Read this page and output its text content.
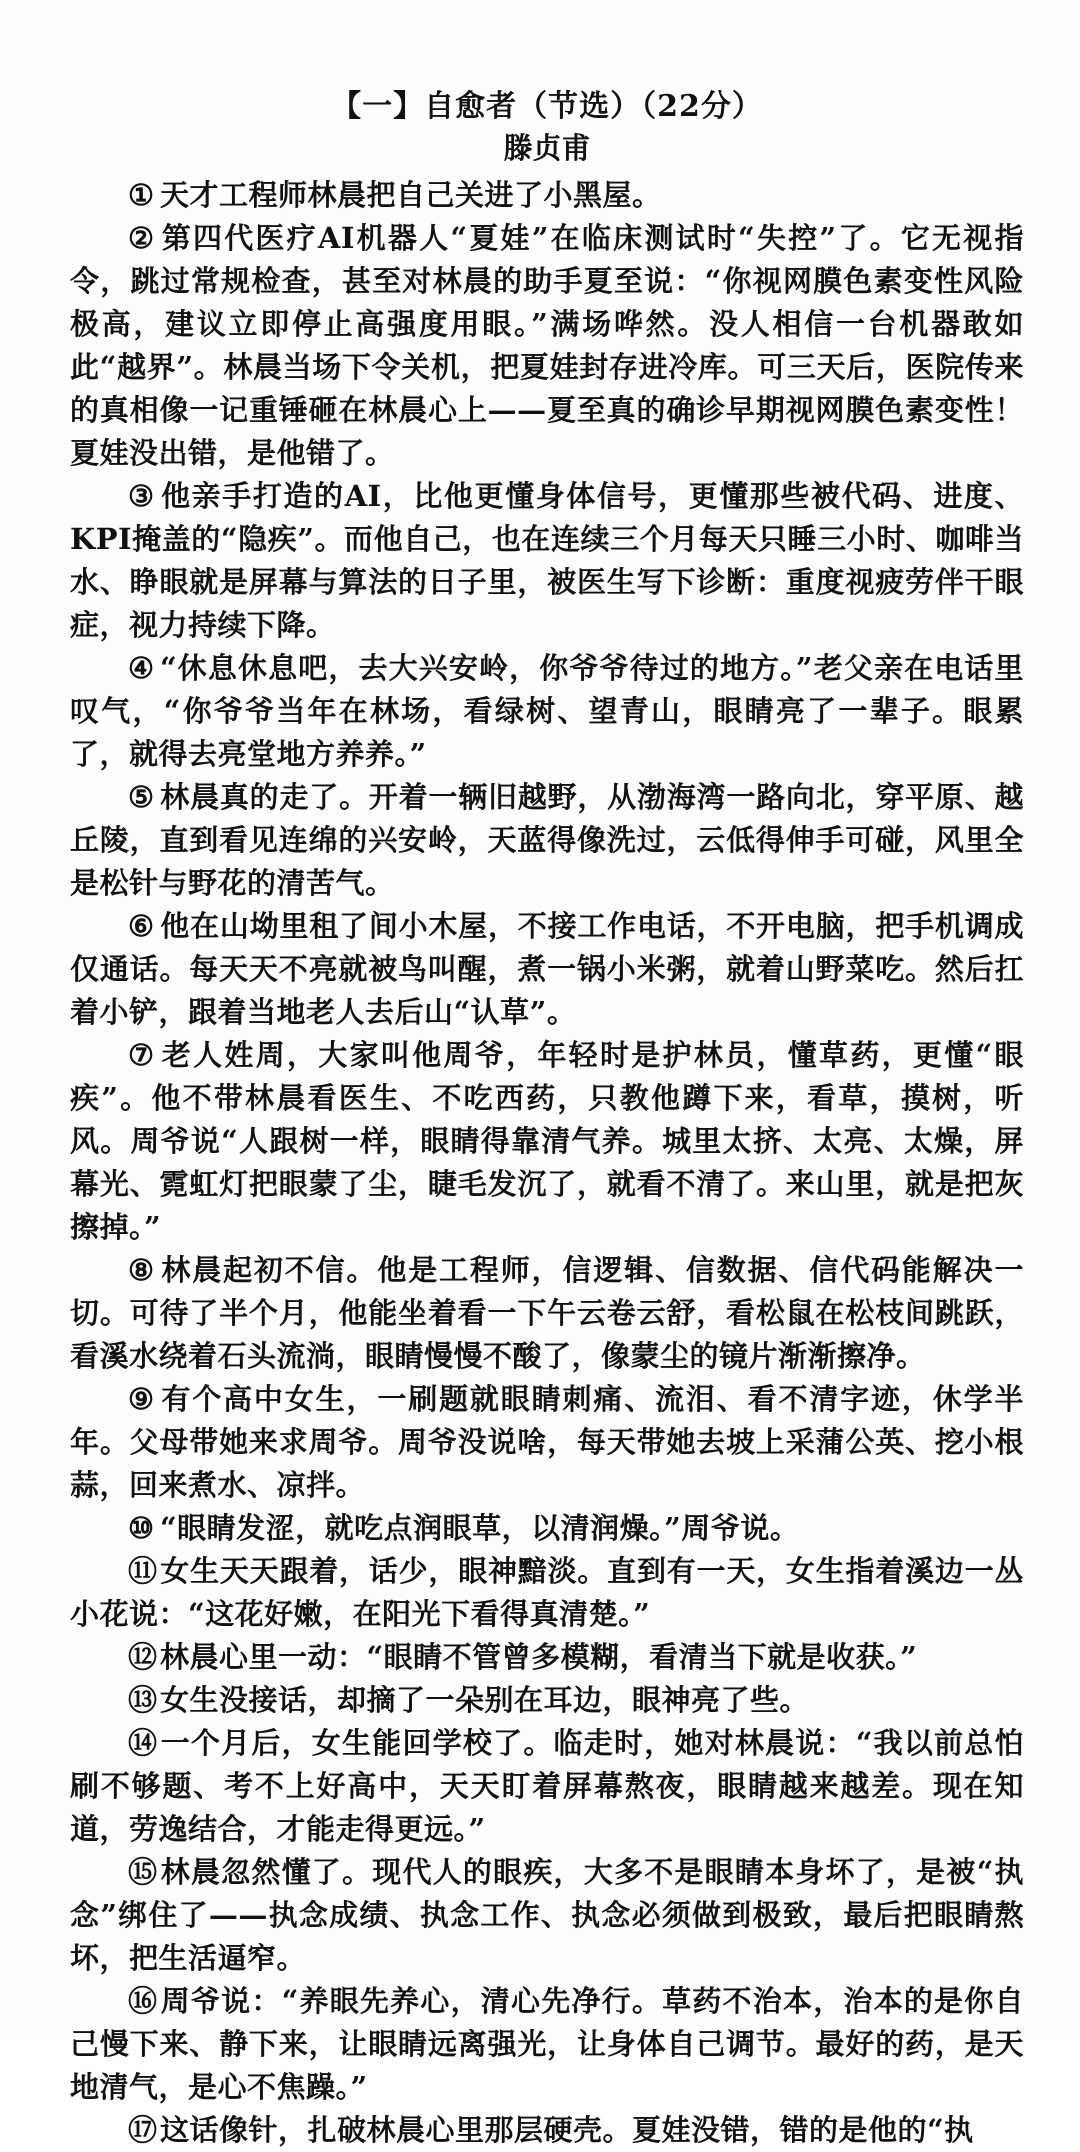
【一】自愈者（节选）（22分）
滕贞甫

① 天才工程师林晨把自己关进了小黑屋。

② 第四代医疗AI机器人“夏娃”在临床测试时“失控”了。它无视指令，跳过常规检查，甚至对林晨的助手夏至说：“你视网膜色素变性风险极高，建议立即停止高强度用眼。”满场哗然。没人相信一台机器敢如此“越界”。林晨当场下令关机，把夏娃封存进冷库。可三天后，医院传来的真相像一记重锤砸在林晨心上——夏至真的确诊早期视网膜色素变性！夏娃没出错，是他错了。

③ 他亲手打造的AI，比他更懂身体信号，更懂那些被代码、进度、KPI掩盖的“隐疾”。而他自己，也在连续三个月每天只睡三小时、咖啡当水、睁眼就是屏幕与算法的日子里，被医生写下诊断：重度视疲劳伴干眼症，视力持续下降。

④ “休息休息吧，去大兴安岭，你爷爷待过的地方。”老父亲在电话里叹气，“你爷爷当年在林场，看绿树、望青山，眼睛亮了一辈子。眼累了，就得去亮堂地方养养。”

⑤ 林晨真的走了。开着一辆旧越野，从渤海湾一路向北，穿平原、越丘陵，直到看见连绵的兴安岭，天蓝得像洗过，云低得伸手可碰，风里全是松针与野花的清苦气。

⑥ 他在山坳里租了间小木屋，不接工作电话，不开电脑，把手机调成仅通话。每天天不亮就被鸟叫醒，煮一锅小米粥，就着山野菜吃。然后扛着小铲，跟着当地老人去后山“认草”。

⑦ 老人姓周，大家叫他周爷，年轻时是护林员，懂草药，更懂“眼疾”。他不带林晨看医生、不吃西药，只教他蹲下来，看草，摸树，听风。周爷说“人跟树一样，眼睛得靠清气养。城里太挤、太亮、太燥，屏幕光、霓虹灯把眼蒙了尘，睫毛发沉了，就看不清了。来山里，就是把灰擦掉。”

⑧ 林晨起初不信。他是工程师，信逻辑、信数据、信代码能解决一切。可待了半个月，他能坐着看一下午云卷云舒，看松鼠在松枝间跳跃，看溪水绕着石头流淌，眼睛慢慢不酸了，像蒙尘的镜片渐渐擦净。

⑨ 有个高中女生，一刷题就眼睛刺痛、流泪、看不清字迹，休学半年。父母带她来求周爷。周爷没说啥，每天带她去坡上采蒲公英、挖小根蒜，回来煮水、凉拌。

⑩ “眼睛发涩，就吃点润眼草，以清润燥。”周爷说。

⑪女生天天跟着，话少，眼神黯淡。直到有一天，女生指着溪边一丛小花说：“这花好嫩，在阳光下看得真清楚。”

⑫林晨心里一动：“眼睛不管曾多模糊，看清当下就是收获。”

⑬女生没接话，却摘了一朵别在耳边，眼神亮了些。

⑭一个月后，女生能回学校了。临走时，她对林晨说：“我以前总怕刷不够题、考不上好高中，天天盯着屏幕熬夜，眼睛越来越差。现在知道，劳逸结合，才能走得更远。”

⑮林晨忽然懂了。现代人的眼疾，大多不是眼睛本身坏了，是被“执念”绑住了——执念成绩、执念工作、执念必须做到极致，最后把眼睛熬坏，把生活逼窄。

⑯周爷说：“养眼先养心，清心先净行。草药不治本，治本的是你自己慢下来、静下来，让眼睛远离强光，让身体自己调节。最好的药，是天地清气，是心不焦躁。”

⑰这话像针，扎破林晨心里那层硬壳。夏娃没错，错的是他的“执
